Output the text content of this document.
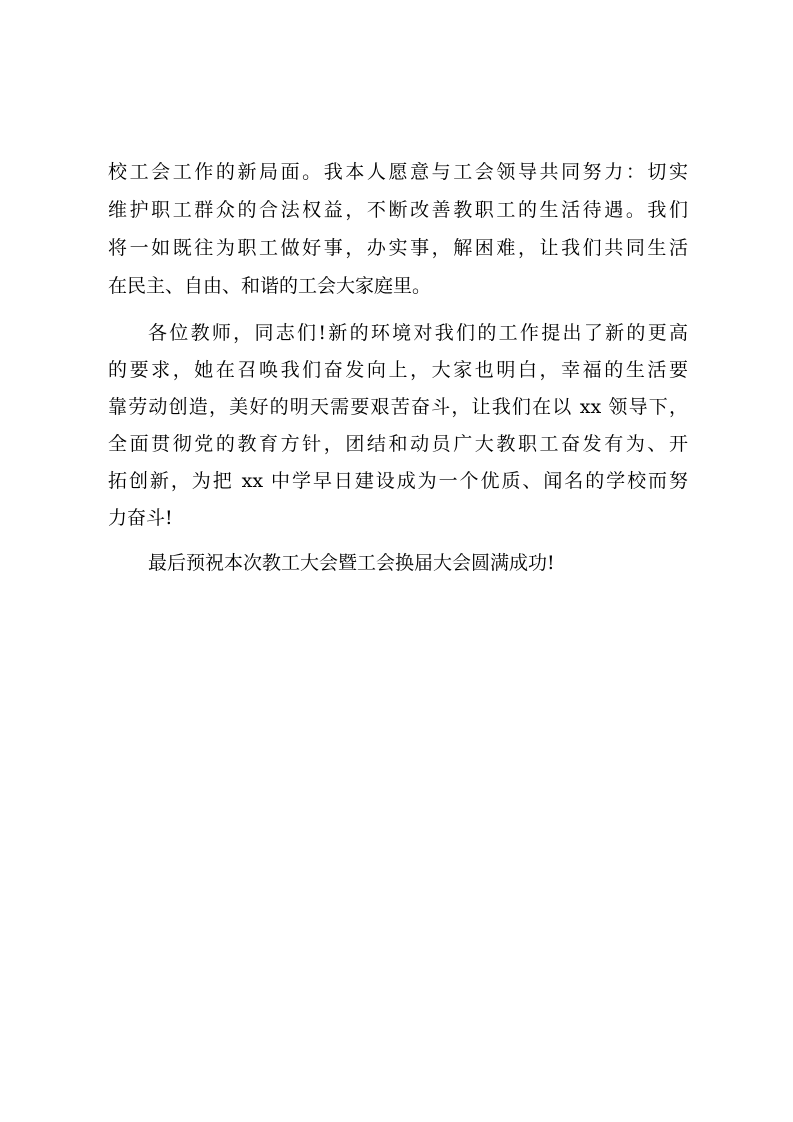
校工会工作的新局面。我本人愿意与工会领导共同努力：切实
维护职工群众的合法权益，不断改善教职工的生活待遇。我们
将一如既往为职工做好事，办实事，解困难，让我们共同生活
在民主、自由、和谐的工会大家庭里。
各位教师，同志们!新的环境对我们的工作提出了新的更高
的要求，她在召唤我们奋发向上，大家也明白，幸福的生活要
靠劳动创造，美好的明天需要艰苦奋斗，让我们在以 xx 领导下，
全面贯彻党的教育方针，团结和动员广大教职工奋发有为、开
拓创新，为把 xx 中学早日建设成为一个优质、闻名的学校而努
力奋斗!
最后预祝本次教工大会暨工会换届大会圆满成功!
